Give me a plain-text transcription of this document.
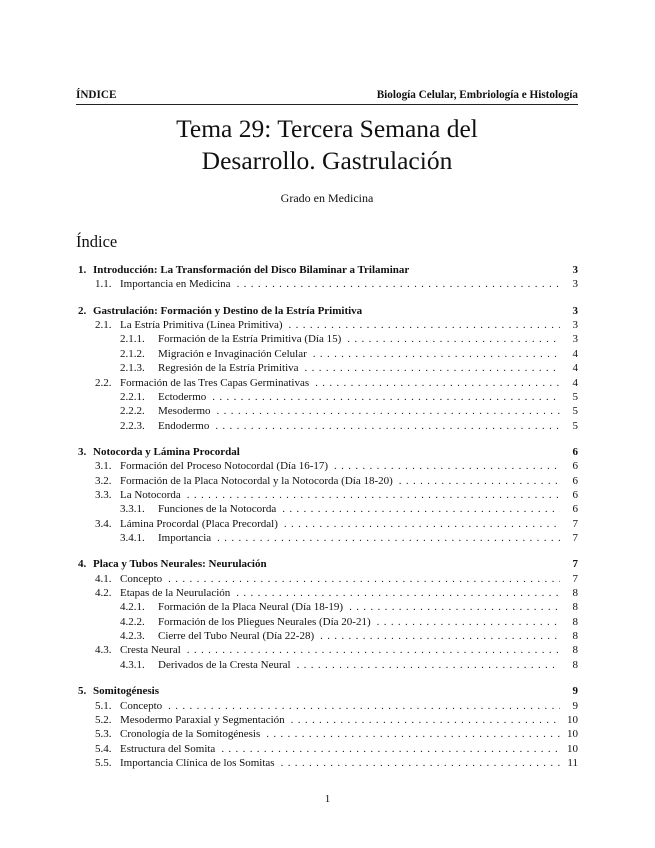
ÍNDICE	Biología Celular, Embriología e Histología
Tema 29: Tercera Semana del
Desarrollo. Gastrulación
Grado en Medicina
Índice
1. Introducción: La Transformación del Disco Bilaminar a Trilaminar	3
1.1. Importancia en Medicina . . .	3
2. Gastrulación: Formación y Destino de la Estría Primitiva	3
2.1. La Estría Primitiva (Línea Primitiva) . . .	3
2.1.1.	Formación de la Estría Primitiva (Día 15) . . .	3
2.1.2.	Migración e Invaginación Celular . . .	4
2.1.3.	Regresión de la Estría Primitiva . . .	4
2.2. Formación de las Tres Capas Germinativas . . .	4
2.2.1.	Ectodermo . . .	5
2.2.2.	Mesodermo . . .	5
2.2.3.	Endodermo . . .	5
3. Notocorda y Lámina Procordal	6
3.1. Formación del Proceso Notocordal (Día 16-17) . . .	6
3.2. Formación de la Placa Notocordal y la Notocorda (Día 18-20) . . .	6
3.3. La Notocorda . . .	6
3.3.1.	Funciones de la Notocorda . . .	6
3.4. Lámina Procordal (Placa Precordal) . . .	7
3.4.1.	Importancia . . .	7
4. Placa y Tubos Neurales: Neurulación	7
4.1. Concepto . . .	7
4.2. Etapas de la Neurulación . . .	8
4.2.1.	Formación de la Placa Neural (Día 18-19) . . .	8
4.2.2.	Formación de los Pliegues Neurales (Día 20-21) . . .	8
4.2.3.	Cierre del Tubo Neural (Día 22-28) . . .	8
4.3. Cresta Neural . . .	8
4.3.1.	Derivados de la Cresta Neural . . .	8
5. Somitogénesis	9
5.1. Concepto . . .	9
5.2. Mesodermo Paraxial y Segmentación . . .	10
5.3. Cronología de la Somitogénesis . . .	10
5.4. Estructura del Somita . . .	10
5.5. Importancia Clínica de los Somitas . . .	11
1
